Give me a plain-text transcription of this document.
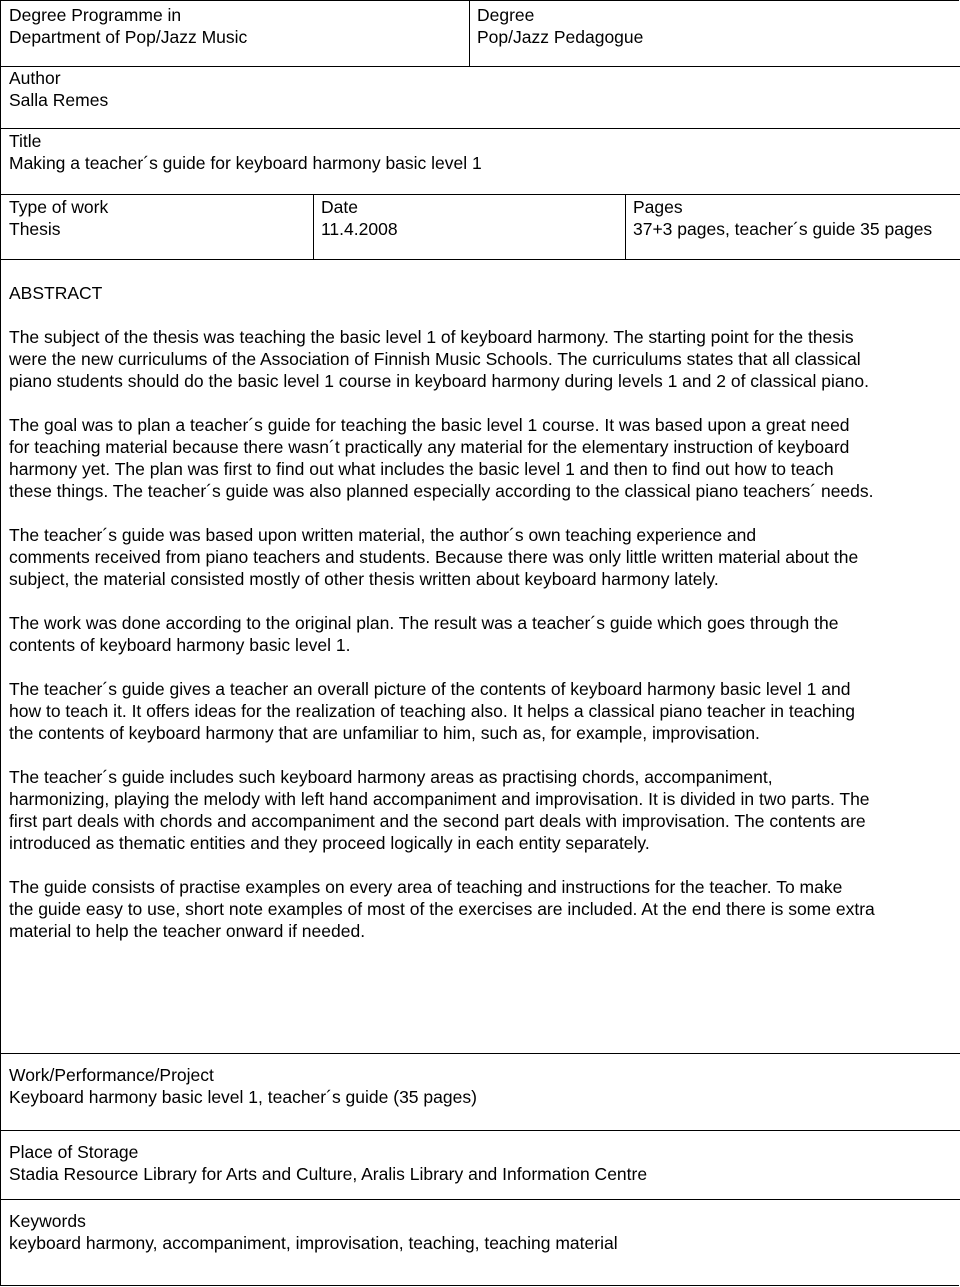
Degree Programme in
Department of Pop/Jazz Music
Degree
Pop/Jazz Pedagogue
Author
Salla Remes
Title
Making a teacher´s guide for keyboard harmony basic level 1
Type of work
Thesis
Date
11.4.2008
Pages
37+3 pages, teacher´s guide 35 pages
ABSTRACT

The subject of the thesis was teaching the basic level 1 of keyboard harmony. The starting point for the thesis
were the new curriculums of the Association of Finnish Music Schools. The curriculums states that all classical
piano students should do the basic level 1 course in keyboard harmony during levels 1 and 2 of classical piano.

The goal was to plan a teacher´s guide for teaching the basic level 1 course. It was based upon a great need
for teaching material because there wasn´t practically any material for the elementary instruction of keyboard
harmony yet. The plan was first to find out what includes the basic level 1 and then to find out how to teach
these things. The teacher´s guide was also planned especially according to the classical piano teachers´ needs.

The teacher´s guide was based upon written material, the author´s own teaching experience and
comments received from piano teachers and students. Because there was only little written material about the
subject, the material consisted mostly of other thesis written about keyboard harmony lately.

The work was done according to the original plan. The result was a teacher´s guide which goes through the
contents of keyboard harmony basic level 1.

The teacher´s guide gives a teacher an overall picture of the contents of keyboard harmony basic level 1 and
how to teach it. It offers ideas for the realization of teaching also. It helps a classical piano teacher in teaching
the contents of keyboard harmony that are unfamiliar to him, such as, for example, improvisation.

The teacher´s guide includes such keyboard harmony areas as practising chords, accompaniment,
harmonizing, playing the melody with left hand accompaniment and improvisation. It is divided in two parts. The
first part deals with chords and accompaniment and the second part deals with improvisation. The contents are
introduced as thematic entities and they proceed logically in each entity separately.

The guide consists of practise examples on every area of teaching and instructions for the teacher. To make
the guide easy to use, short note examples of most of the exercises are included. At the end there is some extra
material to help the teacher onward if needed.

Work/Performance/Project
Keyboard harmony basic level 1, teacher´s guide (35 pages)
Place of Storage
Stadia Resource Library for Arts and Culture, Aralis Library and Information Centre
Keywords
keyboard harmony, accompaniment, improvisation, teaching, teaching material
